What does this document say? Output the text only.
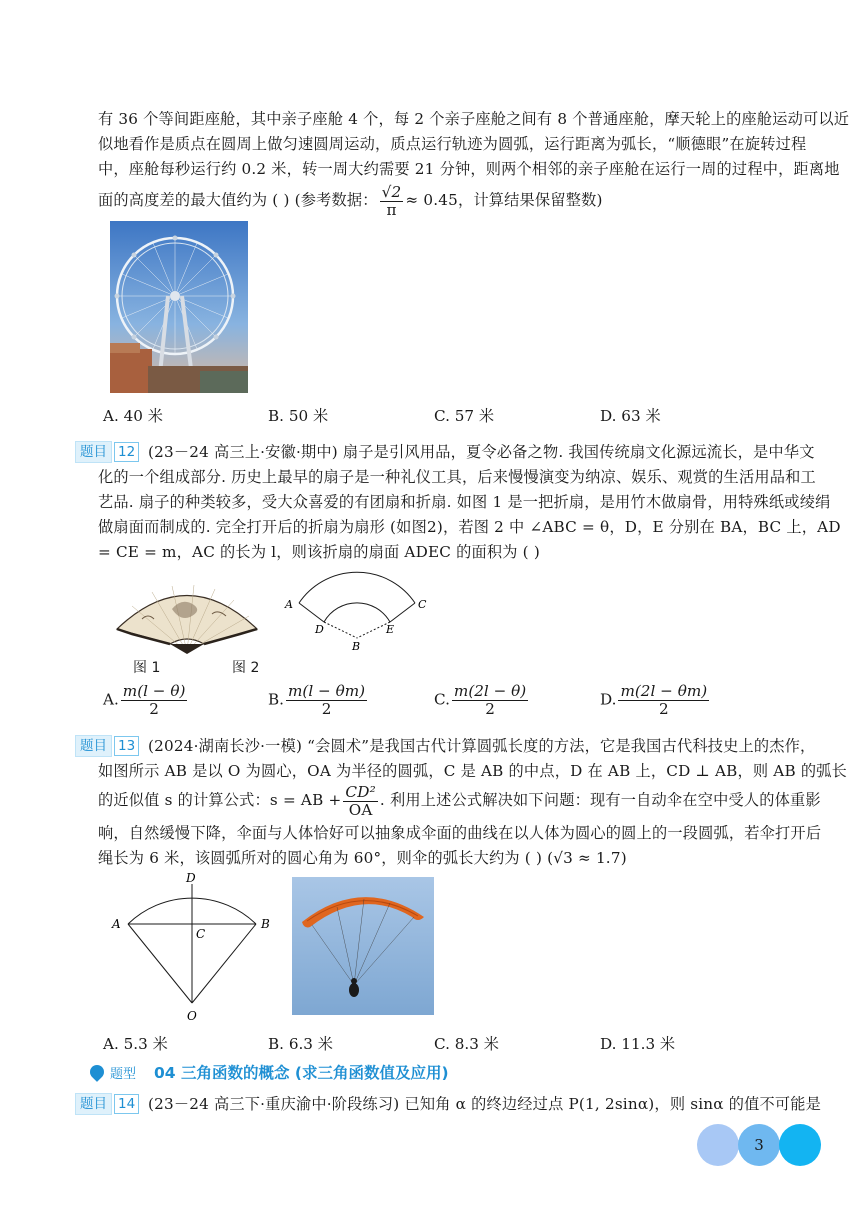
有 36 个等间距座舱，其中亲子座舱 4 个，每 2 个亲子座舱之间有 8 个普通座舱，摩天轮上的座舱运动可以近
似地看作是质点在圆周上做匀速圆周运动，质点运行轨迹为圆弧，运行距离为弧长，“顺德眼”在旋转过程
中，座舱每秒运行约 0.2 米，转一周大约需要 21 分钟，则两个相邻的亲子座舱在运行一周的过程中，距离地
面的高度差的最大值约为 ( ) (参考数据： $\frac{√2}{\pi} \approx 0.45$，计算结果保留整数)
A. 40 米	B. 50 米	C. 57 米	D. 63 米
题目 12 (23－24 高三上·安徽·期中) 扇子是引风用品，夏令必备之物. 我国传统扇文化源远流长，是中华文
化的一个组成部分. 历史上最早的扇子是一种礼仪工具，后来慢慢演变为纳凉、娱乐、观赏的生活用品和工
艺品. 扇子的种类较多，受大众喜爱的有团扇和折扇. 如图 1 是一把折扇，是用竹木做扇骨，用特殊纸或绫绢
做扇面而制成的. 完全打开后的折扇为扇形 (如图2)，若图 2 中 ∠ABC = θ，D，E 分别在 BA，BC 上，AD
= CE = m，AC 的长为 l，则该折扇的扇面 ADEC 的面积为 ( )
A	C
D	E
B
图 1	图 2
A. $\frac{m(l - \theta)}{2}$	B. $\frac{m(l - \theta m)}{2}$	C. $\frac{m(2l - \theta)}{2}$	D. $\frac{m(2l - \theta m)}{2}$
题目 13 (2024·湖南长沙·一模) “会圆术”是我国古代计算圆弧长度的方法，它是我国古代科技史上的杰作，
如图所示 AB 是以 O 为圆心，OA 为半径的圆弧，C 是 AB 的中点，D 在 AB 上，CD ⊥ AB，则 AB 的弧长
的近似值 s 的计算公式：s = AB + $\frac{\text{CD²}}{OA}$ . 利用上述公式解决如下问题：现有一自动伞在空中受人的体重影
响，自然缓慢下降，伞面与人体恰好可以抽象成伞面的曲线在以人体为圆心的圆上的一段圆弧，若伞打开后
绳长为 6 米，该圆弧所对的圆心角为 60°，则伞的弧长大约为 ( ) (√3 ≈ 1.7)
D
A	B
C
O
A. 5.3 米	B. 6.3 米	C. 8.3 米	D. 11.3 米
题型 04 三角函数的概念 (求三角函数值及应用)
题目 14 (23－24 高三下·重庆渝中·阶段练习) 已知角 α 的终边经过点 P(1, 2sinα)，则 sinα 的值不可能是
3
